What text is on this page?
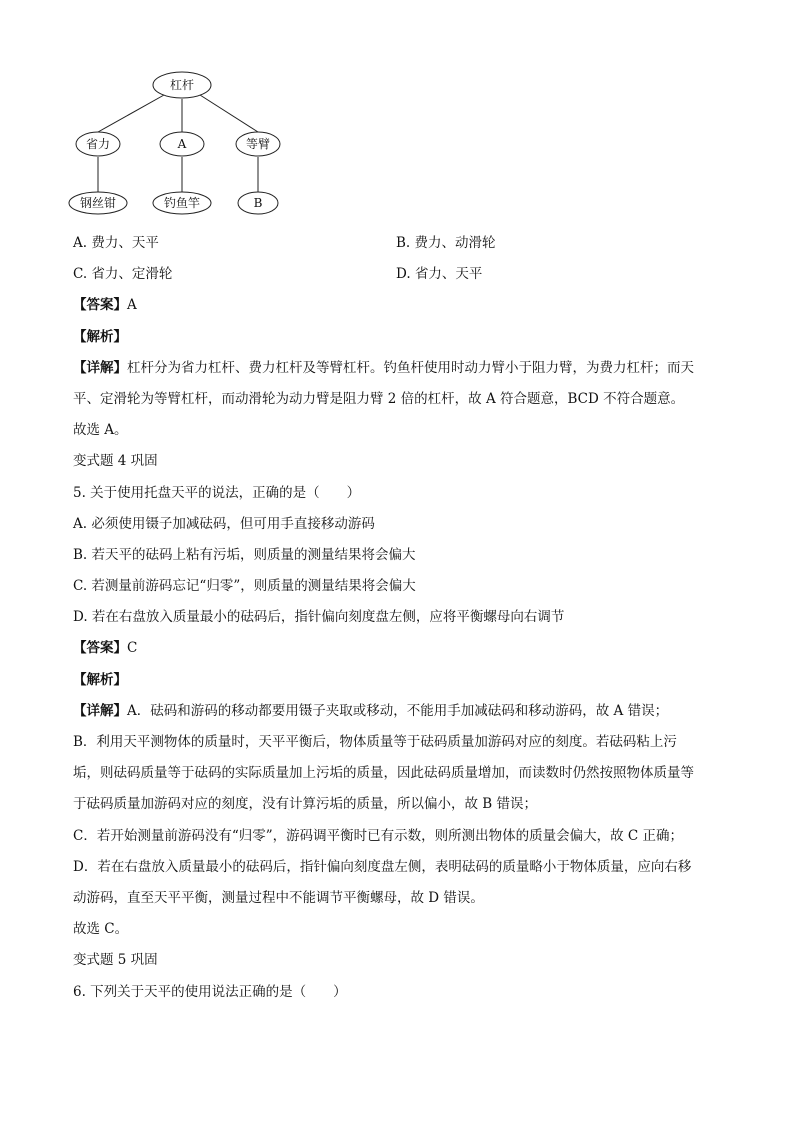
杠杆
省力	A	等臂
钢丝钳	钓鱼竿	B
A. 费力、天平	B. 费力、动滑轮
C. 省力、定滑轮	D. 省力、天平
【答案】A
【解析】
【详解】杠杆分为省力杠杆、费力杠杆及等臂杠杆。钓鱼杆使用时动力臂小于阻力臂，为费力杠杆；而天
平、定滑轮为等臂杠杆，而动滑轮为动力臂是阻力臂 2 倍的杠杆，故 A 符合题意，BCD 不符合题意。
故选 A。
变式题 4 巩固
5. 关于使用托盘天平的说法，正确的是（　　）
A. 必须使用镊子加减砝码，但可用手直接移动游码
B. 若天平的砝码上粘有污垢，则质量的测量结果将会偏大
C. 若测量前游码忘记“归零”，则质量的测量结果将会偏大
D. 若在右盘放入质量最小的砝码后，指针偏向刻度盘左侧，应将平衡螺母向右调节
【答案】C
【解析】
【详解】A．砝码和游码的移动都要用镊子夹取或移动，不能用手加减砝码和移动游码，故 A 错误；
B．利用天平测物体的质量时，天平平衡后，物体质量等于砝码质量加游码对应的刻度。若砝码粘上污
垢，则砝码质量等于砝码的实际质量加上污垢的质量，因此砝码质量增加，而读数时仍然按照物体质量等
于砝码质量加游码对应的刻度，没有计算污垢的质量，所以偏小，故 B 错误；
C．若开始测量前游码没有“归零”，游码调平衡时已有示数，则所测出物体的质量会偏大，故 C 正确；
D．若在右盘放入质量最小的砝码后，指针偏向刻度盘左侧，表明砝码的质量略小于物体质量，应向右移
动游码，直至天平平衡，测量过程中不能调节平衡螺母，故 D 错误。
故选 C。
变式题 5 巩固
6. 下列关于天平的使用说法正确的是（　　）
